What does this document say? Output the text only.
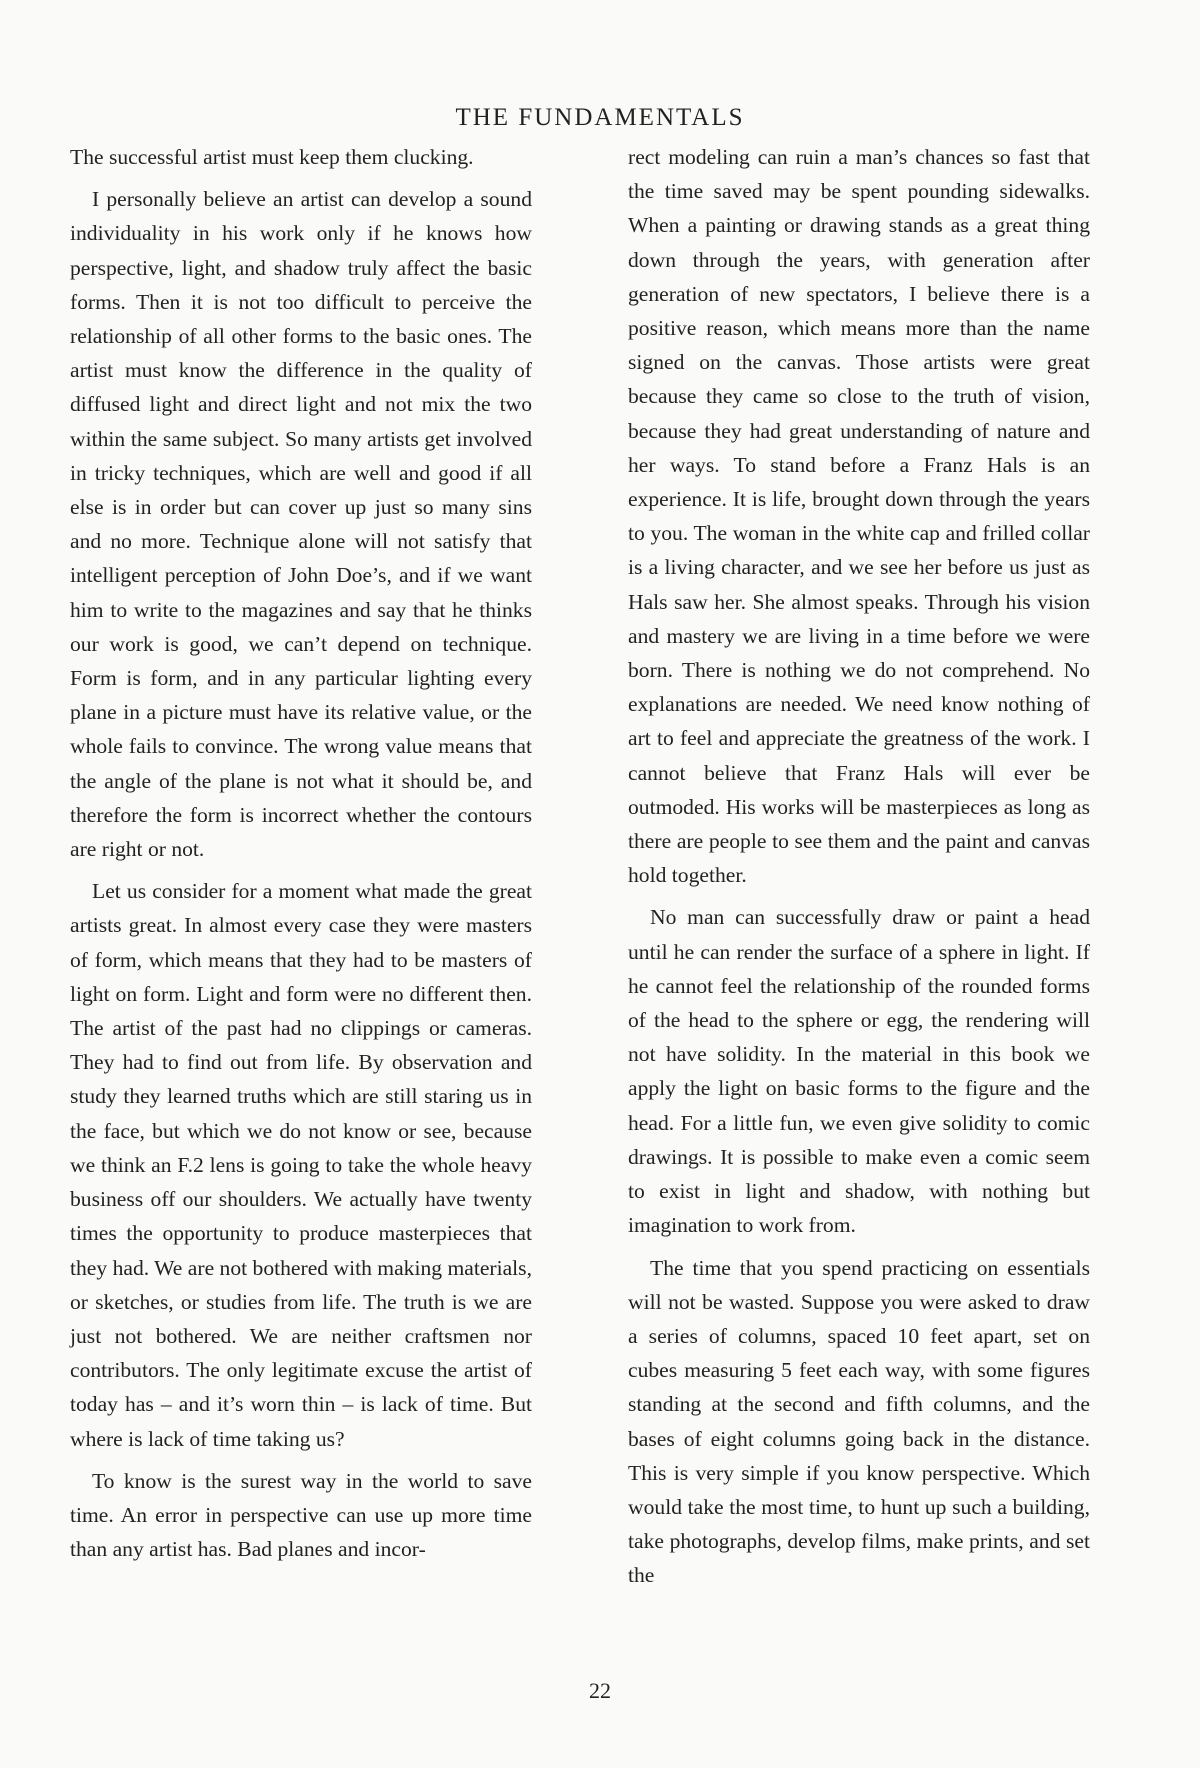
THE FUNDAMENTALS

The successful artist must keep them clucking.

I personally believe an artist can develop a sound individuality in his work only if he knows how perspective, light, and shadow truly affect the basic forms. Then it is not too difficult to perceive the relationship of all other forms to the basic ones. The artist must know the difference in the quality of diffused light and direct light and not mix the two within the same subject. So many artists get involved in tricky techniques, which are well and good if all else is in order but can cover up just so many sins and no more. Technique alone will not satisfy that intelligent perception of John Doe’s, and if we want him to write to the magazines and say that he thinks our work is good, we can’t depend on technique. Form is form, and in any particular lighting every plane in a picture must have its relative value, or the whole fails to convince. The wrong value means that the angle of the plane is not what it should be, and therefore the form is incorrect whether the contours are right or not.

Let us consider for a moment what made the great artists great. In almost every case they were masters of form, which means that they had to be masters of light on form. Light and form were no different then. The artist of the past had no clippings or cameras. They had to find out from life. By observation and study they learned truths which are still staring us in the face, but which we do not know or see, because we think an F.2 lens is going to take the whole heavy business off our shoulders. We actually have twenty times the opportunity to produce masterpieces that they had. We are not bothered with making materials, or sketches, or studies from life. The truth is we are just not bothered. We are neither craftsmen nor contributors. The only legitimate excuse the artist of today has – and it’s worn thin – is lack of time. But where is lack of time taking us?

To know is the surest way in the world to save time. An error in perspective can use up more time than any artist has. Bad planes and incor-

rect modeling can ruin a man’s chances so fast that the time saved may be spent pounding sidewalks. When a painting or drawing stands as a great thing down through the years, with generation after generation of new spectators, I believe there is a positive reason, which means more than the name signed on the canvas. Those artists were great because they came so close to the truth of vision, because they had great understanding of nature and her ways. To stand before a Franz Hals is an experience. It is life, brought down through the years to you. The woman in the white cap and frilled collar is a living character, and we see her before us just as Hals saw her. She almost speaks. Through his vision and mastery we are living in a time before we were born. There is nothing we do not comprehend. No explanations are needed. We need know nothing of art to feel and appreciate the greatness of the work. I cannot believe that Franz Hals will ever be outmoded. His works will be masterpieces as long as there are people to see them and the paint and canvas hold together.

No man can successfully draw or paint a head until he can render the surface of a sphere in light. If he cannot feel the relationship of the rounded forms of the head to the sphere or egg, the rendering will not have solidity. In the material in this book we apply the light on basic forms to the figure and the head. For a little fun, we even give solidity to comic drawings. It is possible to make even a comic seem to exist in light and shadow, with nothing but imagination to work from.

The time that you spend practicing on essentials will not be wasted. Suppose you were asked to draw a series of columns, spaced 10 feet apart, set on cubes measuring 5 feet each way, with some figures standing at the second and fifth columns, and the bases of eight columns going back in the distance. This is very simple if you know perspective. Which would take the most time, to hunt up such a building, take photographs, develop films, make prints, and set the

22
